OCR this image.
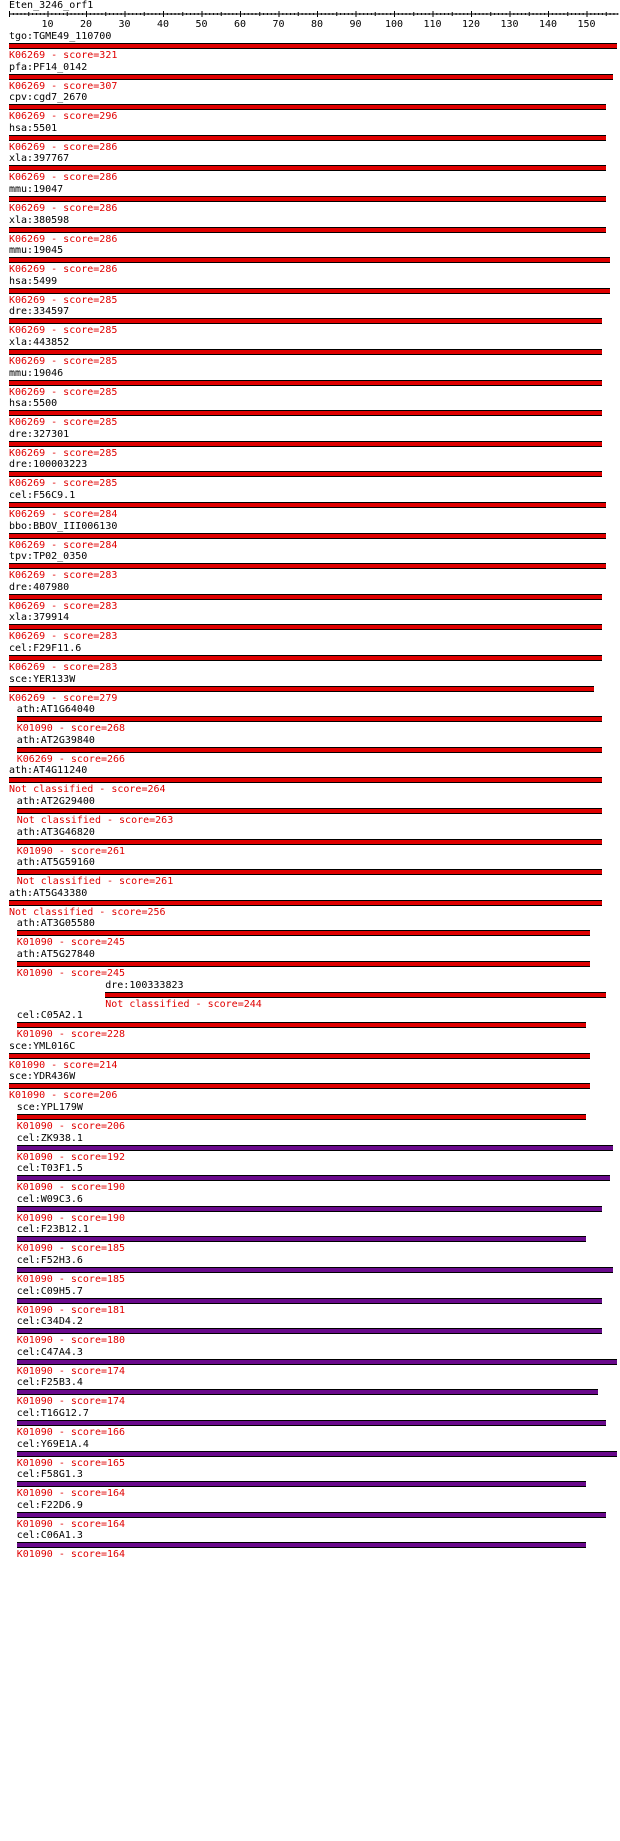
Eten_3246_orf1
10	20	30	40	50	60	70	80	90 100 110 120 130 140 150
tgo:TGME49_110700
K06269 - score=321
pfa:PF14_0142
K06269 - score=307
cpv:cgd7_2670
K06269 - score=296
hsa:5501
K06269 - score=286
xla:397767
K06269 - score=286
mmu:19047
K06269 - score=286
xla:380598
K06269 - score=286
mmu:19045
K06269 - score=286
hsa:5499
K06269 - score=285
dre:334597
K06269 - score=285
xla:443852
K06269 - score=285
mmu:19046
K06269 - score=285
hsa:5500
K06269 - score=285
dre:327301
K06269 - score=285
dre:100003223
K06269 - score=285
cel:F56C9.1
K06269 - score=284
bbo:BBOV_III006130
K06269 - score=284
tpv:TP02_0350
K06269 - score=283
dre:407980
K06269 - score=283
xla:379914
K06269 - score=283
cel:F29F11.6
K06269 - score=283
sce:YER133W
K06269 - score=279
ath:AT1G64040
K01090 - score=268
ath:AT2G39840
K06269 - score=266
ath:AT4G11240
Not classified - score=264
ath:AT2G29400
Not classified - score=263
ath:AT3G46820
K01090 - score=261
ath:AT5G59160
Not classified - score=261
ath:AT5G43380
Not classified - score=256
ath:AT3G05580
K01090 - score=245
ath:AT5G27840
K01090 - score=245
dre:100333823
Not classified - score=244
cel:C05A2.1
K01090 - score=228
sce:YML016C
K01090 - score=214
sce:YDR436W
K01090 - score=206
sce:YPL179W
K01090 - score=206
cel:ZK938.1
K01090 - score=192
cel:T03F1.5
K01090 - score=190
cel:W09C3.6
K01090 - score=190
cel:F23B12.1
K01090 - score=185
cel:F52H3.6
K01090 - score=185
cel:C09H5.7
K01090 - score=181
cel:C34D4.2
K01090 - score=180
cel:C47A4.3
K01090 - score=174
cel:F25B3.4
K01090 - score=174
cel:T16G12.7
K01090 - score=166
cel:Y69E1A.4
K01090 - score=165
cel:F58G1.3
K01090 - score=164
cel:F22D6.9
K01090 - score=164
cel:C06A1.3
K01090 - score=164
